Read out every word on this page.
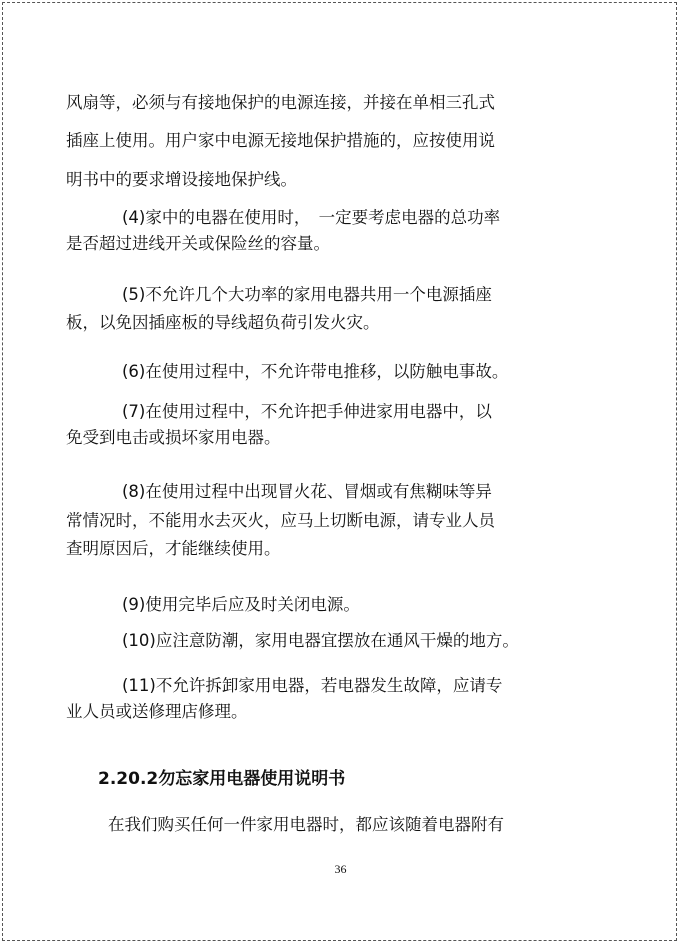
风扇等，必须与有接地保护的电源连接，并接在单相三孔式
插座上使用。用户家中电源无接地保护措施的，应按使用说
明书中的要求增设接地保护线。
(4)家中的电器在使用时，　一定要考虑电器的总功率
是否超过进线开关或保险丝的容量。
(5)不允许几个大功率的家用电器共用一个电源插座
板，以免因插座板的导线超负荷引发火灾。
(6)在使用过程中，不允许带电推移，以防触电事故。
(7)在使用过程中，不允许把手伸进家用电器中，以
免受到电击或损坏家用电器。
(8)在使用过程中出现冒火花、冒烟或有焦糊味等异
常情况时，不能用水去灭火，应马上切断电源，请专业人员
查明原因后，才能继续使用。
(9)使用完毕后应及时关闭电源。
(10)应注意防潮，家用电器宜摆放在通风干燥的地方。
(11)不允许拆卸家用电器，若电器发生故障，应请专
业人员或送修理店修理。
2.20.2勿忘家用电器使用说明书
在我们购买任何一件家用电器时，都应该随着电器附有
36
